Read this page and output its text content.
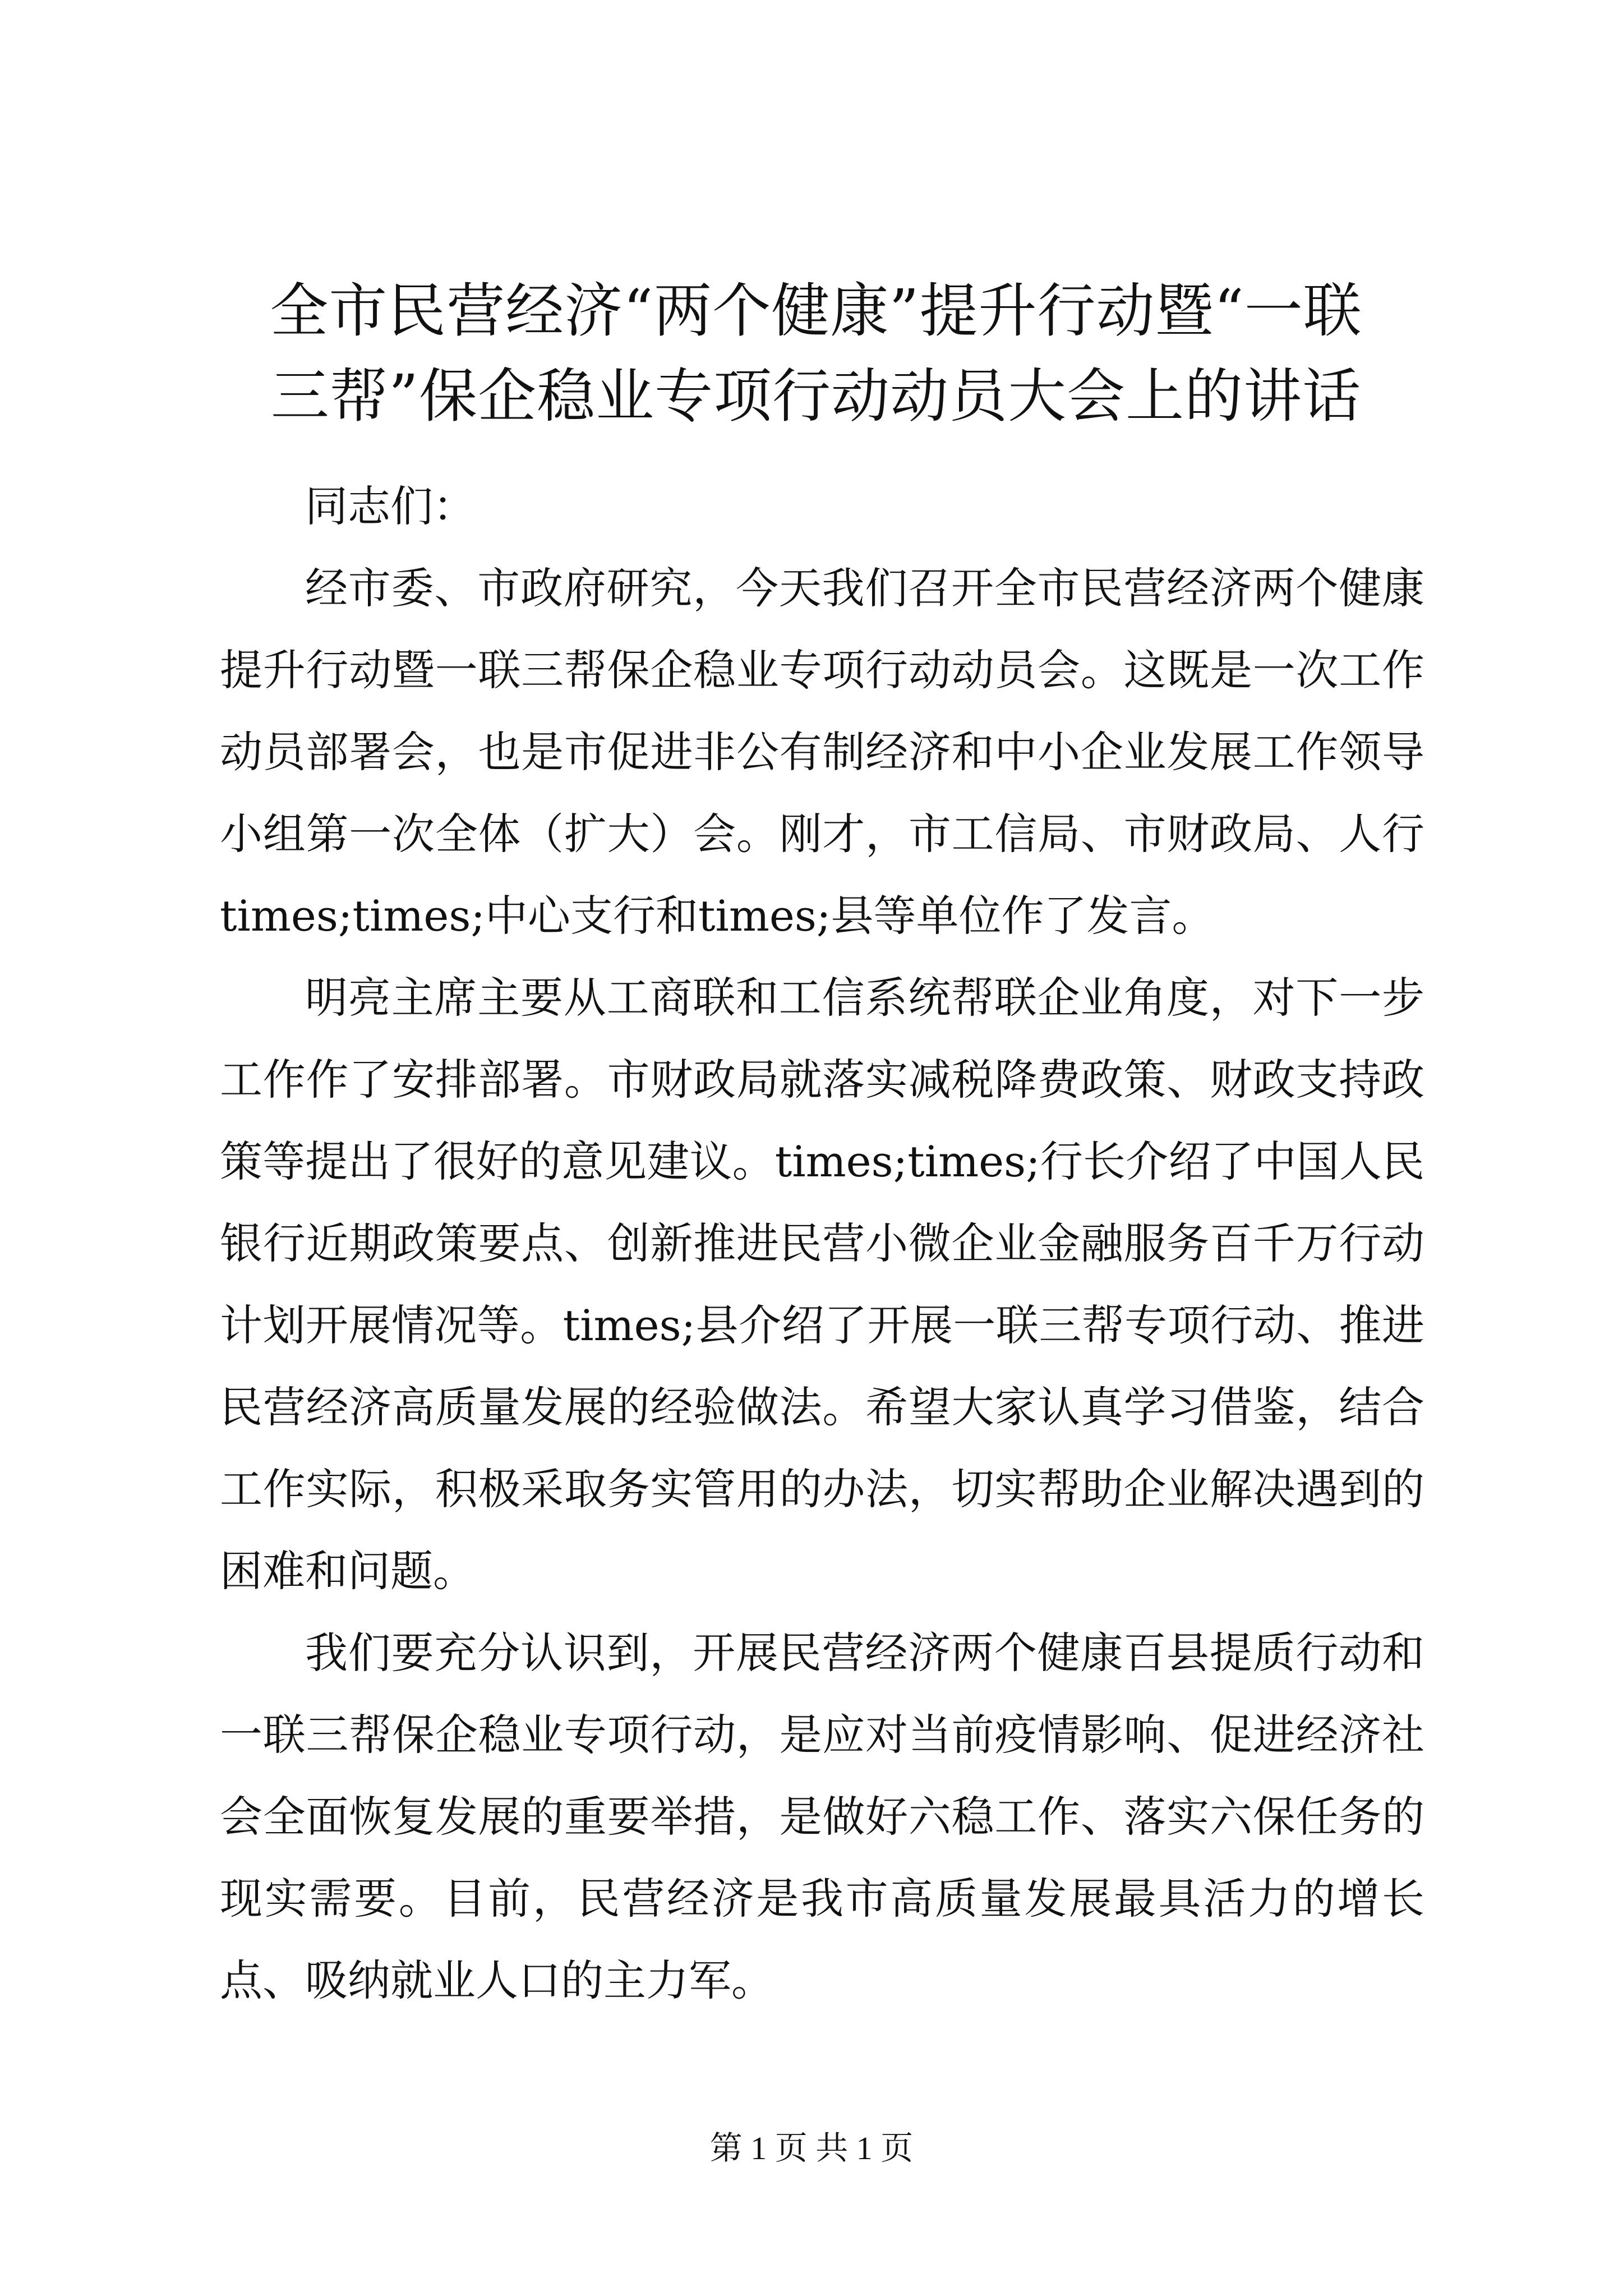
全市民营经济“两个健康”提升行动暨“一联
三帮”保企稳业专项行动动员大会上的讲话

同志们：

经市委、市政府研究，今天我们召开全市民营经济两个健康提升行动暨一联三帮保企稳业专项行动动员会。这既是一次工作动员部署会，也是市促进非公有制经济和中小企业发展工作领导小组第一次全体（扩大）会。刚才，市工信局、市财政局、人行times;times;中心支行和times;县等单位作了发言。

明亮主席主要从工商联和工信系统帮联企业角度，对下一步工作作了安排部署。市财政局就落实减税降费政策、财政支持政策等提出了很好的意见建议。times;times;行长介绍了中国人民银行近期政策要点、创新推进民营小微企业金融服务百千万行动计划开展情况等。times;县介绍了开展一联三帮专项行动、推进民营经济高质量发展的经验做法。希望大家认真学习借鉴，结合工作实际，积极采取务实管用的办法，切实帮助企业解决遇到的困难和问题。

我们要充分认识到，开展民营经济两个健康百县提质行动和一联三帮保企稳业专项行动，是应对当前疫情影响、促进经济社会全面恢复发展的重要举措，是做好六稳工作、落实六保任务的现实需要。目前，民营经济是我市高质量发展最具活力的增长点、吸纳就业人口的主力军。

第 1 页 共 1 页
